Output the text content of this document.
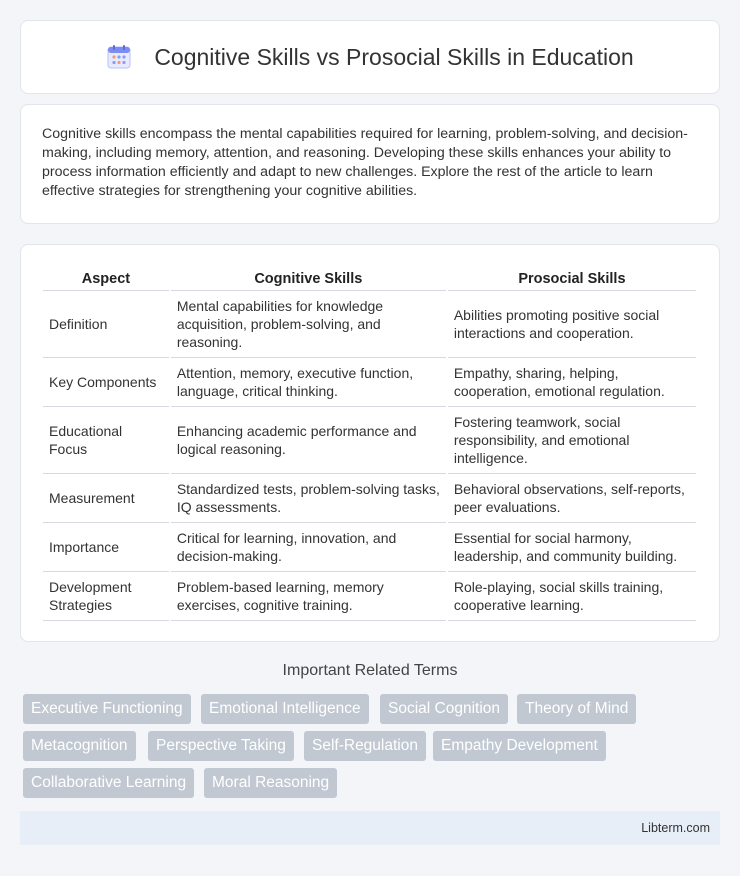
Cognitive Skills vs Prosocial Skills in Education

Cognitive skills encompass the mental capabilities required for learning, problem-solving, and decision-making, including memory, attention, and reasoning. Developing these skills enhances your ability to process information efficiently and adapt to new challenges. Explore the rest of the article to learn effective strategies for strengthening your cognitive abilities.

Aspect	Cognitive Skills	Prosocial Skills
Definition	Mental capabilities for knowledge acquisition, problem-solving, and reasoning.	Abilities promoting positive social interactions and cooperation.
Key Components	Attention, memory, executive function, language, critical thinking.	Empathy, sharing, helping, cooperation, emotional regulation.
Educational Focus	Enhancing academic performance and logical reasoning.	Fostering teamwork, social responsibility, and emotional intelligence.
Measurement	Standardized tests, problem-solving tasks, IQ assessments.	Behavioral observations, self-reports, peer evaluations.
Importance	Critical for learning, innovation, and decision-making.	Essential for social harmony, leadership, and community building.
Development Strategies	Problem-based learning, memory exercises, cognitive training.	Role-playing, social skills training, cooperative learning.
Important Related Terms
Executive Functioning	Emotional Intelligence	Social Cognition	Theory of Mind
Metacognition	Perspective Taking	Self-Regulation	Empathy Development
Collaborative Learning	Moral Reasoning
Libterm.com
